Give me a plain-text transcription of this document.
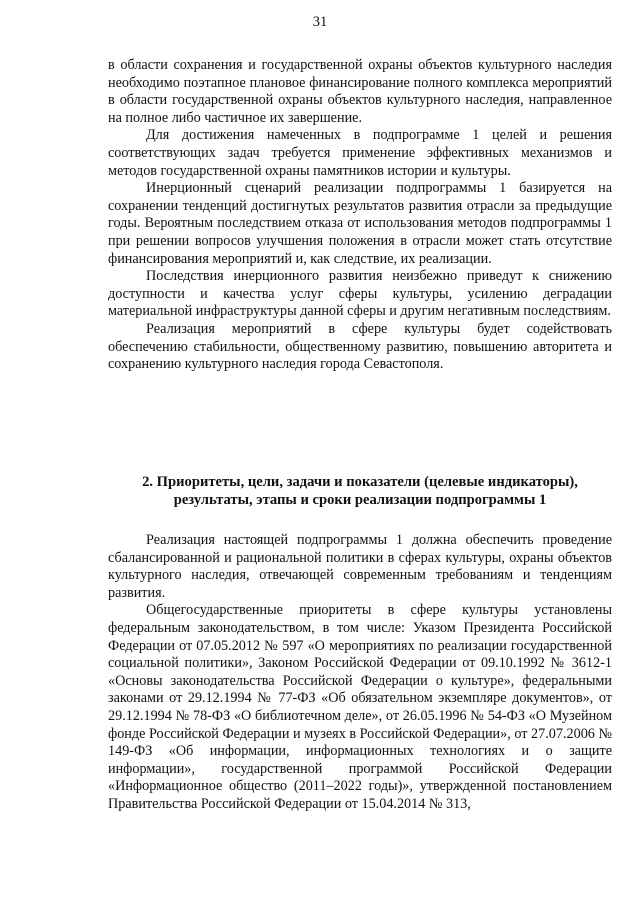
31

в области сохранения и государственной охраны объектов культурного наследия необходимо поэтапное плановое финансирование полного комплекса мероприятий в области государственной охраны объектов культурного наследия, направленное на полное либо частичное их завершение.

Для достижения намеченных в подпрограмме 1 целей и решения соответствующих задач требуется применение эффективных механизмов и методов государственной охраны памятников истории и культуры.

Инерционный сценарий реализации подпрограммы 1 базируется на сохранении тенденций достигнутых результатов развития отрасли за предыдущие годы. Вероятным последствием отказа от использования методов подпрограммы 1 при решении вопросов улучшения положения в отрасли может стать отсутствие финансирования мероприятий и, как следствие, их реализации.

Последствия инерционного развития неизбежно приведут к снижению доступности и качества услуг сферы культуры, усилению деградации материальной инфраструктуры данной сферы и другим негативным последствиям.

Реализация мероприятий в сфере культуры будет содействовать обеспечению стабильности, общественному развитию, повышению авторитета и сохранению культурного наследия города Севастополя.

2. Приоритеты, цели, задачи и показатели (целевые индикаторы),
результаты, этапы и сроки реализации подпрограммы 1

Реализация настоящей подпрограммы 1 должна обеспечить проведение сбалансированной и рациональной политики в сферах культуры, охраны объектов культурного наследия, отвечающей современным требованиям и тенденциям развития.

Общегосударственные приоритеты в сфере культуры установлены федеральным законодательством, в том числе: Указом Президента Российской Федерации от 07.05.2012 № 597 «О мероприятиях по реализации государственной социальной политики», Законом Российской Федерации от 09.10.1992 № 3612-1 «Основы законодательства Российской Федерации о культуре», федеральными законами от 29.12.1994 № 77-ФЗ «Об обязательном экземпляре документов», от 29.12.1994 № 78-ФЗ «О библиотечном деле», от 26.05.1996 № 54-ФЗ «О Музейном фонде Российской Федерации и музеях в Российской Федерации», от 27.07.2006 № 149-ФЗ «Об информации, информационных технологиях и о защите информации», государственной программой Российской Федерации «Информационное общество (2011–2022 годы)», утвержденной постановлением Правительства Российской Федерации от 15.04.2014 № 313,
